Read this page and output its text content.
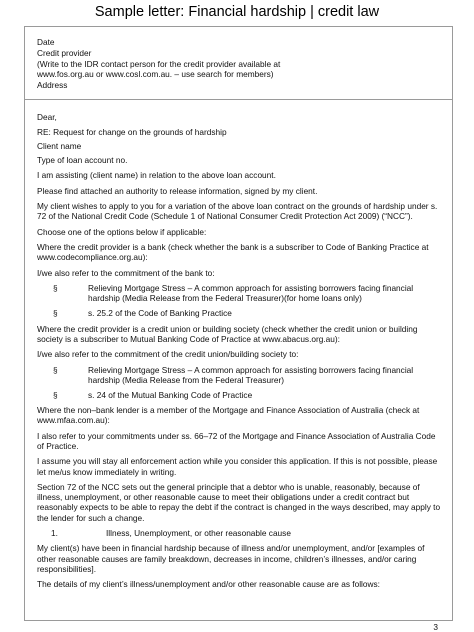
Sample letter: Financial hardship | credit law
Date
Credit provider
(Write to the IDR contact person for the credit provider available at
www.fos.org.au or www.cosl.com.au. – use search for members)
Address

Dear,

RE: Request for change on the grounds of hardship

Client name

Type of loan account no.

I am assisting (client name) in relation to the above loan account.

Please find attached an authority to release information, signed by my client.

My client wishes to apply to you for a variation of the above loan contract on the grounds of hardship under s. 72 of the National Credit Code (Schedule 1 of National Consumer Credit Protection Act 2009) (“NCC”).

Choose one of the options below if applicable:

Where the credit provider is a bank (check whether the bank is a subscriber to Code of Banking Practice at www.codecompliance.org.au):

I/we also refer to the commitment of the bank to:

§	Relieving Mortgage Stress – A common approach for assisting borrowers facing financial hardship (Media Release from the Federal Treasurer)(for home loans only)
§	s. 25.2 of the Code of Banking Practice

Where the credit provider is a credit union or building society (check whether the credit union or building society is a subscriber to Mutual Banking Code of Practice at www.abacus.org.au):

I/we also refer to the commitment of the credit union/building society to:

§	Relieving Mortgage Stress – A common approach for assisting borrowers facing financial hardship (Media Release from the Federal Treasurer)
§	s. 24 of the Mutual Banking Code of Practice

Where the non–bank lender is a member of the Mortgage and Finance Association of Australia (check at www.mfaa.com.au):

I also refer to your commitments under ss. 66–72 of the Mortgage and Finance Association of Australia Code of Practice.

I assume you will stay all enforcement action while you consider this application. If this is not possible, please let me/us know immediately in writing.

Section 72 of the NCC sets out the general principle that a debtor who is unable, reasonably, because of illness, unemployment, or other reasonable cause to meet their obligations under a credit contract but reasonably expects to be able to repay the debt if the contract is changed in the ways described, may apply to the lender for such a change.

1.	Illness, Unemployment, or other reasonable cause

My client(s) have been in financial hardship because of illness and/or unemployment, and/or [examples of other reasonable causes are family breakdown, decreases in income, children’s illnesses, and/or caring responsibilities].

The details of my client’s illness/unemployment and/or other reasonable cause are as follows:

3
